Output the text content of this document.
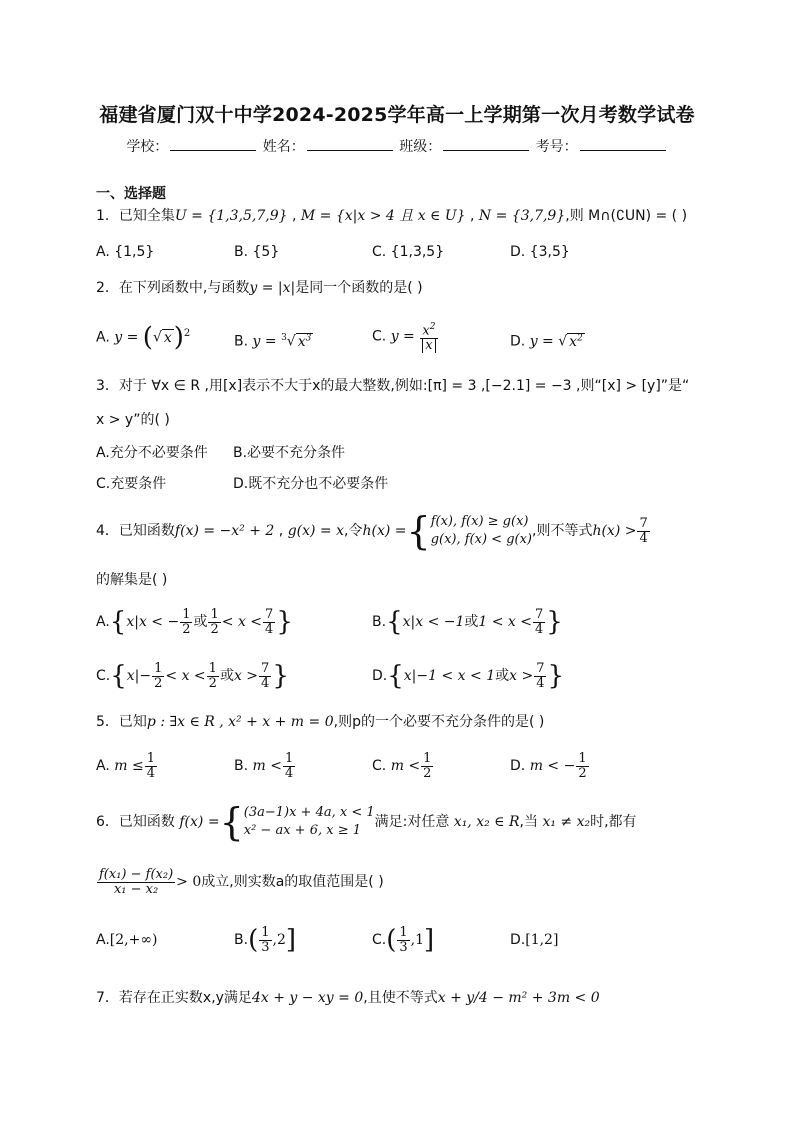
福建省厦门双十中学2024-2025学年高一上学期第一次月考数学试卷
学校：	姓名：	班级：	考号：
一、选择题
1．已知全集U = {1,3,5,7,9} , M = {x|x > 4 且 x ∈ U} , N = {3,7,9},则 M∩(∁UN) = ( )
A. {1,5}	B. {5}	C. {1,3,5}	D. {3,5}
2．在下列函数中,与函数y = |x|是同一个函数的是( )
A. y = (√ x)$^2$
B. y = $^3$√ $x^3$	C. $y = \frac{x^2}{x}$	D. y = √ $x^2$
3．对于 ∀x ∈ R ,用[x]表示不大于x的最大整数,例如:[π] = 3 ,[−2.1] = −3 ,则“[x] > [y]”是“
x > y”的( )
A.充分不必要条件 B.必要不充分条件
C.充要条件	D.既不充分也不必要条件
4．已知函数f(x) = −x² + 2 , g(x) = x,令h(x) ={ f(x), f(x) ≥ g(x)
g(x), f(x) < g(x)
,则不等式$h(x) > \frac{7}{4}$
的解集是( )
A.{x|x < − $\frac{1}{2}$ 或 $\frac{1}{2} < x < \frac{7}{4}$ }	B.{x|x < −1或$1 < x < \frac{7}{4}$ }
$C.\{x|- \frac{1}{2} < x < \frac{1}{2}$ 或$x > \frac{7}{4}$ }	D.{x|−1 < x < 1或$x > \frac{7}{4}$ }
5．已知p : ∃x ∈ R , x² + x + m = 0,则p的一个必要不充分条件的是( )
A. $m \le \frac{1}{4}$	B. $m < \frac{1}{4}$	C. $m < \frac{1}{2}$	D. m < − $\frac{1}{2}$
6．已知函数 f(x) ={ (3a−1)x + 4a, x < 1
x² − ax + 6, x ≥ 1
满足:对任意 x₁, x₂ ∈ R,当 x₁ ≠ x₂时,都有
$\frac{\text{f(x₁) − f(x₂)}}{\text{x₁ − x₂}} > 0$成立,则实数a的取值范围是( )
A.[2,+∞)	$B.( \frac{1}{3} ,2]$	$C.( \frac{1}{3} ,1]$	D.[1,2]
7．若存在正实数x,y满足4x + y − xy = 0,且使不等式x + y/4 − m² + 3m < 0
